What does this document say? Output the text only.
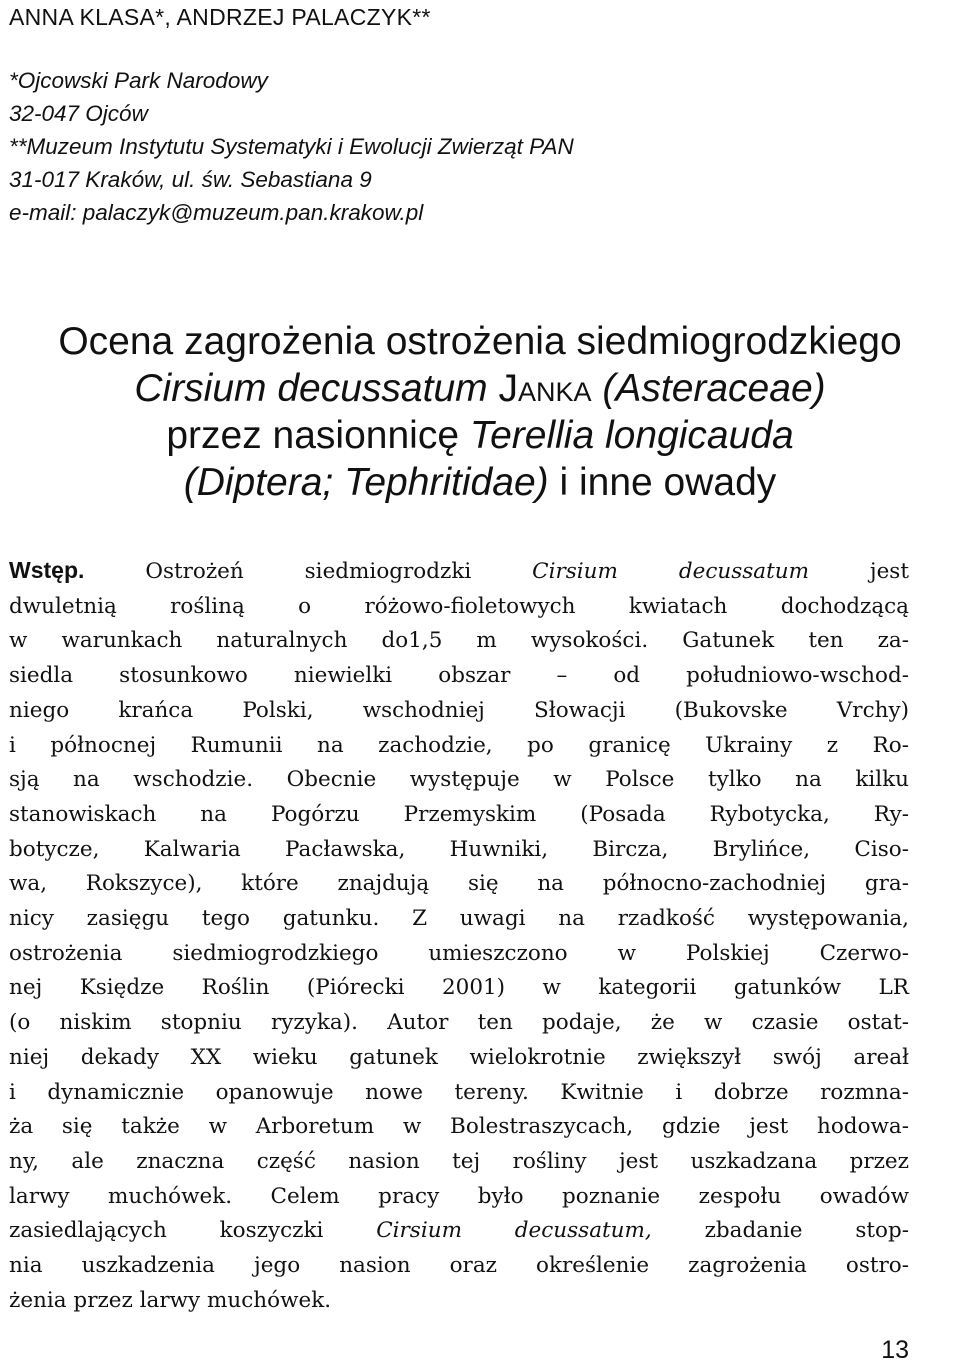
ANNA KLASA*, ANDRZEJ PALACZYK**
*Ojcowski Park Narodowy
32-047 Ojców
**Muzeum Instytutu Systematyki i Ewolucji Zwierząt PAN
31-017 Kraków, ul. św. Sebastiana 9
e-mail: palaczyk@muzeum.pan.krakow.pl
Ocena zagrożenia ostrożenia siedmiogrodzkiego
Cirsium decussatum Janka (Asteraceae)
przez nasionnicę Terellia longicauda
(Diptera; Tephritidae) i inne owady
Wstęp.	Ostrożeń siedmiogrodzki	Cirsium decussatum	jest
dwuletnią rośliną o różowo-fioletowych kwiatach dochodzącą
w warunkach naturalnych do1,5 m wysokości. Gatunek ten za-
siedla stosunkowo niewielki obszar – od południowo-wschod-
niego krańca Polski, wschodniej Słowacji (Bukovske Vrchy)
i północnej Rumunii na zachodzie, po granicę Ukrainy z Ro-
sją na wschodzie. Obecnie występuje w Polsce tylko na kilku
stanowiskach na Pogórzu Przemyskim (Posada Rybotycka, Ry-
botycze, Kalwaria Pacławska, Huwniki, Bircza, Brylińce, Ciso-
wa, Rokszyce), które znajdują się na północno-zachodniej gra-
nicy zasięgu tego gatunku. Z uwagi na rzadkość występowania,
ostrożenia siedmiogrodzkiego umieszczono w Polskiej Czerwo-
nej Księdze Roślin (Piórecki 2001) w kategorii gatunków LR
(o niskim stopniu ryzyka). Autor ten podaje, że w czasie ostat-
niej dekady XX wieku gatunek wielokrotnie zwiększył swój areał
i dynamicznie opanowuje nowe tereny. Kwitnie i dobrze rozmna-
ża się także w Arboretum w Bolestraszycach, gdzie jest hodowa-
ny, ale znaczna część nasion tej rośliny jest uszkadzana przez
larwy muchówek. Celem pracy było poznanie zespołu owadów
zasiedlających koszyczki Cirsium decussatum, zbadanie stop-
nia uszkadzenia jego nasion oraz określenie zagrożenia ostro-
żenia przez larwy muchówek.
13
